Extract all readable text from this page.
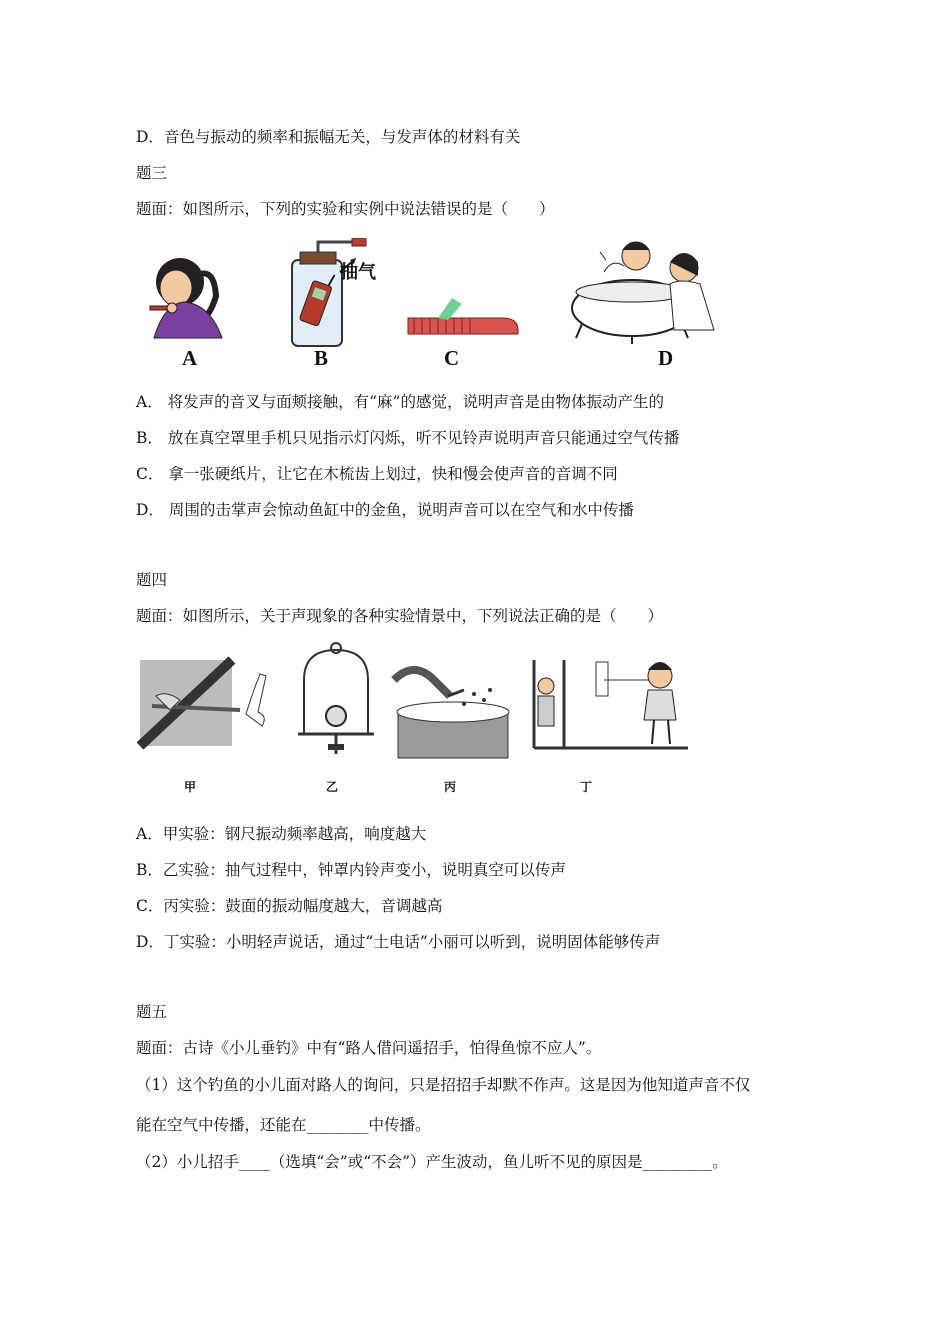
D．音色与振动的频率和振幅无关，与发声体的材料有关
题三
题面：如图所示，下列的实验和实例中说法错误的是（　　）
A	B	C	D
抽气
A． 将发声的音叉与面颊接触，有“麻”的感觉，说明声音是由物体振动产生的
B． 放在真空罩里手机只见指示灯闪烁，听不见铃声说明声音只能通过空气传播
C． 拿一张硬纸片，让它在木梳齿上划过，快和慢会使声音的音调不同
D． 周围的击掌声会惊动鱼缸中的金鱼，说明声音可以在空气和水中传播
题四
题面：如图所示，关于声现象的各种实验情景中，下列说法正确的是（　　）
甲	乙	丙	丁
A．甲实验：钢尺振动频率越高，响度越大
B．乙实验：抽气过程中，钟罩内铃声变小，说明真空可以传声
C．丙实验：鼓面的振动幅度越大，音调越高
D．丁实验：小明轻声说话，通过“土电话”小丽可以听到，说明固体能够传声
题五
题面：古诗《小儿垂钓》中有“路人借问遥招手，怕得鱼惊不应人”。
（1）这个钓鱼的小儿面对路人的询问，只是招招手却默不作声。这是因为他知道声音不仅
能在空气中传播，还能在________中传播。
（2）小儿招手____（选填“会”或“不会”）产生波动，鱼儿听不见的原因是_________。
